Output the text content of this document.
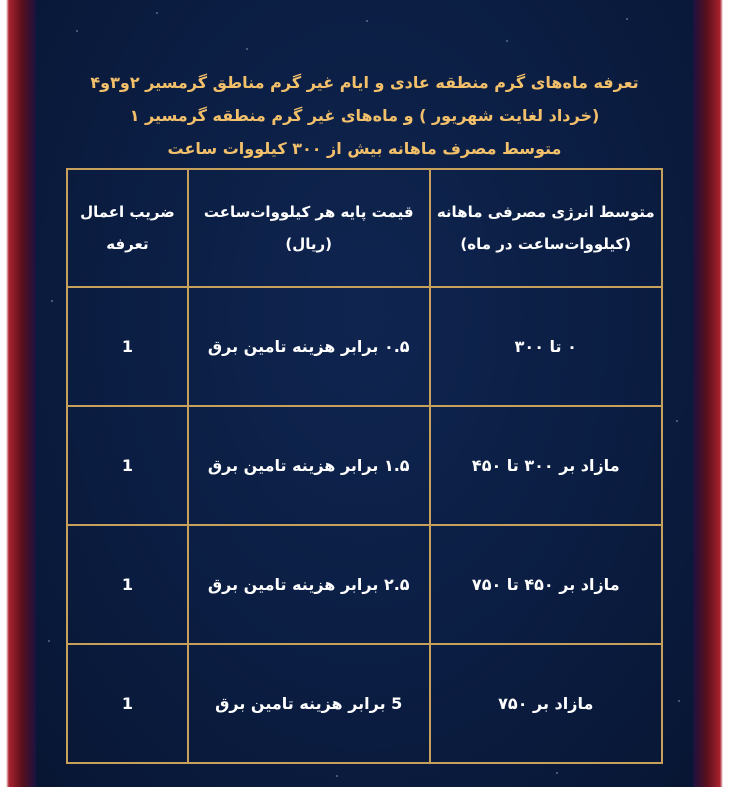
تعرفه ماه‌های گرم منطقه عادی و ایام غیر گرم مناطق گرمسیر ۲و۳و۴
(خرداد لغایت شهریور ) و ماه‌های غیر گرم منطقه گرمسیر ۱
متوسط مصرف ماهانه بیش از ۳۰۰ کیلووات ساعت
متوسط انرژی مصرفی ماهانه (کیلووات‌ساعت در ماه)	قیمت پایه هر کیلووات‌ساعت (ریال)	ضریب اعمال تعرفه
۰ تا ۳۰۰	۰.۵ برابر هزینه تامین برق	1
مازاد بر ۳۰۰ تا ۴۵۰	۱.۵ برابر هزینه تامین برق	1
مازاد بر ۴۵۰ تا ۷۵۰	۲.۵ برابر هزینه تامین برق	1
مازاد بر ۷۵۰	5 برابر هزینه تامین برق	1
